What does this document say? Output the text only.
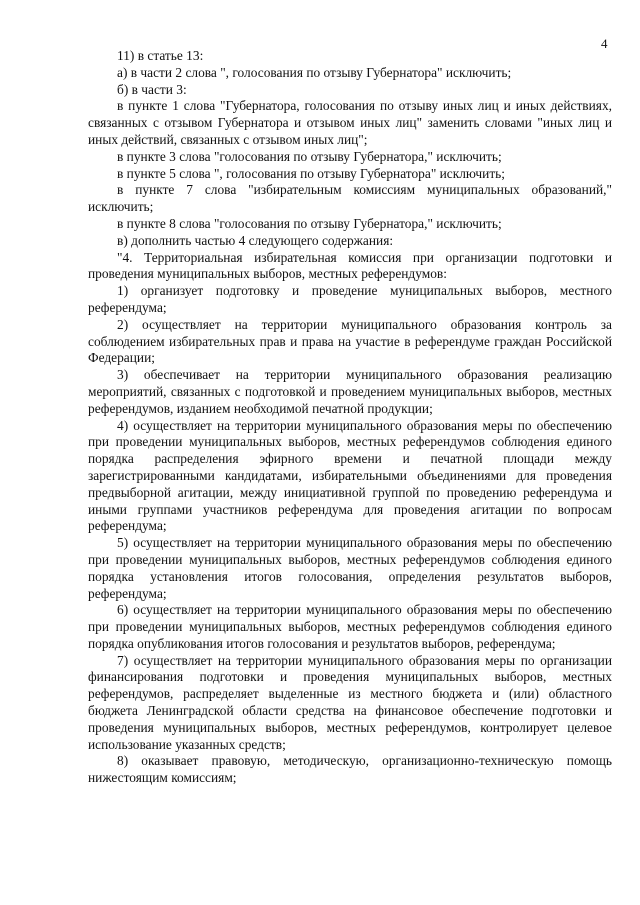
4

11) в статье 13:

а) в части 2 слова ", голосования по отзыву Губернатора" исключить;

б) в части 3:

в пункте 1 слова "Губернатора, голосования по отзыву иных лиц и иных действиях, связанных с отзывом Губернатора и отзывом иных лиц" заменить словами "иных лиц и иных действий, связанных с отзывом иных лиц";

в пункте 3 слова "голосования по отзыву Губернатора," исключить;

в пункте 5 слова ", голосования по отзыву Губернатора" исключить;

в пункте 7 слова "избирательным комиссиям муниципальных образований," исключить;

в пункте 8 слова "голосования по отзыву Губернатора," исключить;

в) дополнить частью 4 следующего содержания:

"4. Территориальная избирательная комиссия при организации подготовки и проведения муниципальных выборов, местных референдумов:

1) организует подготовку и проведение муниципальных выборов, местного референдума;

2) осуществляет на территории муниципального образования контроль за соблюдением избирательных прав и права на участие в референдуме граждан Российской Федерации;

3) обеспечивает на территории муниципального образования реализацию мероприятий, связанных с подготовкой и проведением муниципальных выборов, местных референдумов, изданием необходимой печатной продукции;

4) осуществляет на территории муниципального образования меры по обеспечению при проведении муниципальных выборов, местных референдумов соблюдения единого порядка распределения эфирного времени и печатной площади между зарегистрированными кандидатами, избирательными объединениями для проведения предвыборной агитации, между инициативной группой по проведению референдума и иными группами участников референдума для проведения агитации по вопросам референдума;

5) осуществляет на территории муниципального образования меры по обеспечению при проведении муниципальных выборов, местных референдумов соблюдения единого порядка установления итогов голосования, определения результатов выборов, референдума;

6) осуществляет на территории муниципального образования меры по обеспечению при проведении муниципальных выборов, местных референдумов соблюдения единого порядка опубликования итогов голосования и результатов выборов, референдума;

7) осуществляет на территории муниципального образования меры по организации финансирования подготовки и проведения муниципальных выборов, местных референдумов, распределяет выделенные из местного бюджета и (или) областного бюджета Ленинградской области средства на финансовое обеспечение подготовки и проведения муниципальных выборов, местных референдумов, контролирует целевое использование указанных средств;

8) оказывает правовую, методическую, организационно-техническую помощь нижестоящим комиссиям;
